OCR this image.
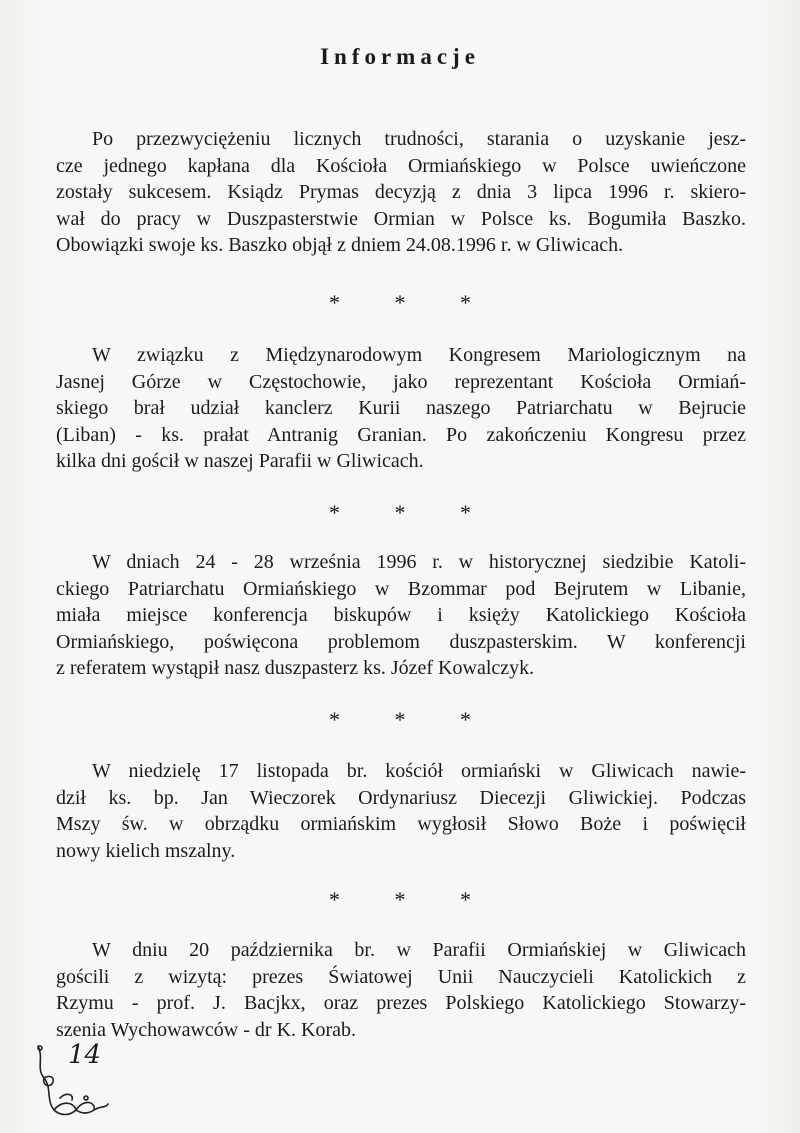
Informacje
Po przezwyciężeniu licznych trudności, starania o uzyskanie jesz-
cze jednego kapłana dla Kościoła Ormiańskiego w Polsce uwieńczone
zostały sukcesem. Ksiądz Prymas decyzją z dnia 3 lipca 1996 r. skiero-
wał do pracy w Duszpasterstwie Ormian w Polsce ks. Bogumiła Baszko.
Obowiązki swoje ks. Baszko objął z dniem 24.08.1996 r. w Gliwicach.
* * *
W związku z Międzynarodowym Kongresem Mariologicznym na
Jasnej Górze w Częstochowie, jako reprezentant Kościoła Ormiań-
skiego brał udział kanclerz Kurii naszego Patriarchatu w Bejrucie
(Liban) - ks. prałat Antranig Granian. Po zakończeniu Kongresu przez
kilka dni gościł w naszej Parafii w Gliwicach.
* * *
W dniach 24 - 28 września 1996 r. w historycznej siedzibie Katoli-
ckiego Patriarchatu Ormiańskiego w Bzommar pod Bejrutem w Libanie,
miała miejsce konferencja biskupów i księży Katolickiego Kościoła
Ormiańskiego, poświęcona problemom duszpasterskim. W konferencji
z referatem wystąpił nasz duszpasterz ks. Józef Kowalczyk.
* * *
W niedzielę 17 listopada br. kościół ormiański w Gliwicach nawie-
dził ks. bp. Jan Wieczorek Ordynariusz Diecezji Gliwickiej. Podczas
Mszy św. w obrządku ormiańskim wygłosił Słowo Boże i poświęcił
nowy kielich mszalny.
* * *
W dniu 20 października br. w Parafii Ormiańskiej w Gliwicach
gościli z wizytą: prezes Światowej Unii Nauczycieli Katolickich z
Rzymu - prof. J. Bacjkx, oraz prezes Polskiego Katolickiego Stowarzy-
szenia Wychowawców - dr K. Korab.
14
